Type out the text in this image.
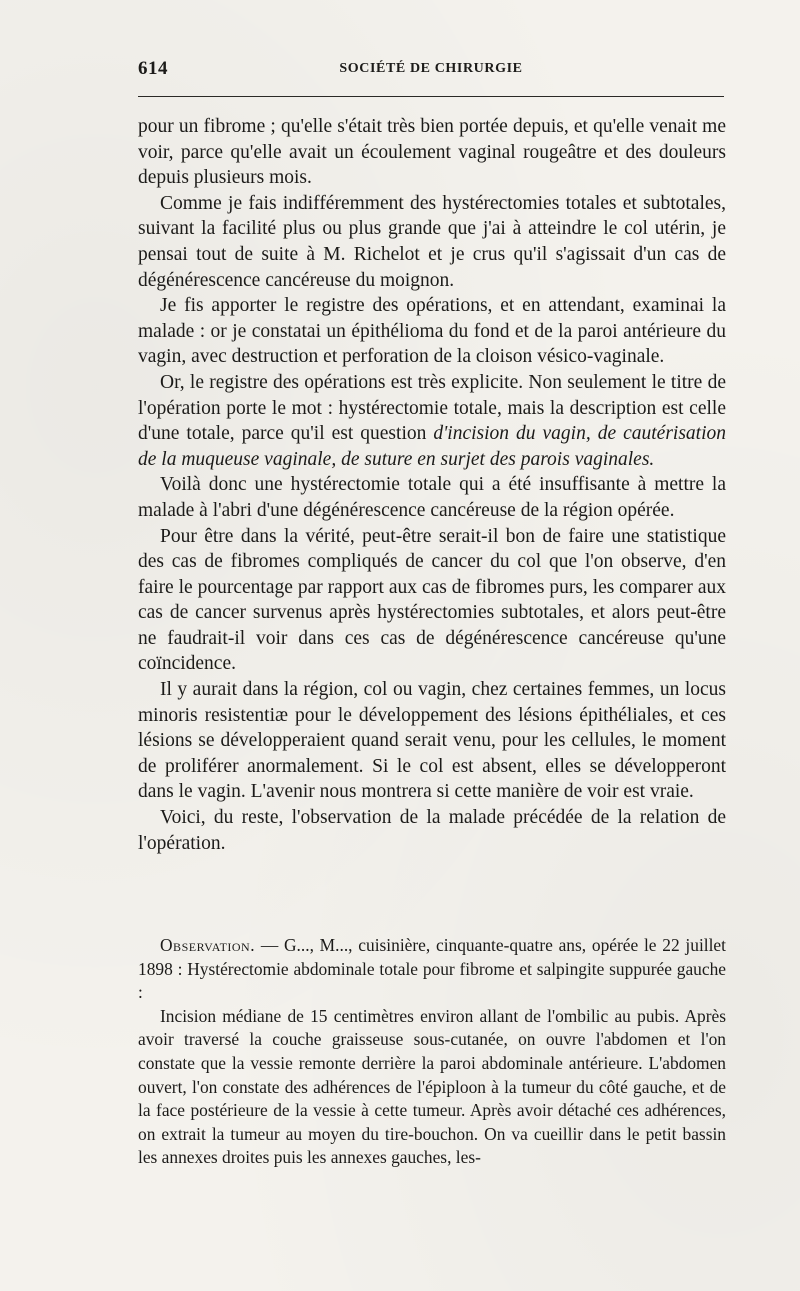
614	SOCIÉTÉ DE CHIRURGIE

pour un fibrome ; qu'elle s'était très bien portée depuis, et qu'elle venait me voir, parce qu'elle avait un écoulement vaginal rougeâtre et des douleurs depuis plusieurs mois.

Comme je fais indifféremment des hystérectomies totales et subtotales, suivant la facilité plus ou plus grande que j'ai à atteindre le col utérin, je pensai tout de suite à M. Richelot et je crus qu'il s'agissait d'un cas de dégénérescence cancéreuse du moignon.

Je fis apporter le registre des opérations, et en attendant, examinai la malade : or je constatai un épithélioma du fond et de la paroi antérieure du vagin, avec destruction et perforation de la cloison vésico-vaginale.

Or, le registre des opérations est très explicite. Non seulement le titre de l'opération porte le mot : hystérectomie totale, mais la description est celle d'une totale, parce qu'il est question d'incision du vagin, de cautérisation de la muqueuse vaginale, de suture en surjet des parois vaginales.

Voilà donc une hystérectomie totale qui a été insuffisante à mettre la malade à l'abri d'une dégénérescence cancéreuse de la région opérée.

Pour être dans la vérité, peut-être serait-il bon de faire une statistique des cas de fibromes compliqués de cancer du col que l'on observe, d'en faire le pourcentage par rapport aux cas de fibromes purs, les comparer aux cas de cancer survenus après hystérectomies subtotales, et alors peut-être ne faudrait-il voir dans ces cas de dégénérescence cancéreuse qu'une coïncidence.

Il y aurait dans la région, col ou vagin, chez certaines femmes, un locus minoris resistentiæ pour le développement des lésions épithéliales, et ces lésions se développeraient quand serait venu, pour les cellules, le moment de proliférer anormalement. Si le col est absent, elles se développeront dans le vagin. L'avenir nous montrera si cette manière de voir est vraie.

Voici, du reste, l'observation de la malade précédée de la relation de l'opération.

Observation. — G..., M..., cuisinière, cinquante-quatre ans, opérée le 22 juillet 1898 : Hystérectomie abdominale totale pour fibrome et salpingite suppurée gauche :

Incision médiane de 15 centimètres environ allant de l'ombilic au pubis. Après avoir traversé la couche graisseuse sous-cutanée, on ouvre l'abdomen et l'on constate que la vessie remonte derrière la paroi abdominale antérieure. L'abdomen ouvert, l'on constate des adhérences de l'épiploon à la tumeur du côté gauche, et de la face postérieure de la vessie à cette tumeur. Après avoir détaché ces adhérences, on extrait la tumeur au moyen du tire-bouchon. On va cueillir dans le petit bassin les annexes droites puis les annexes gauches, les-
